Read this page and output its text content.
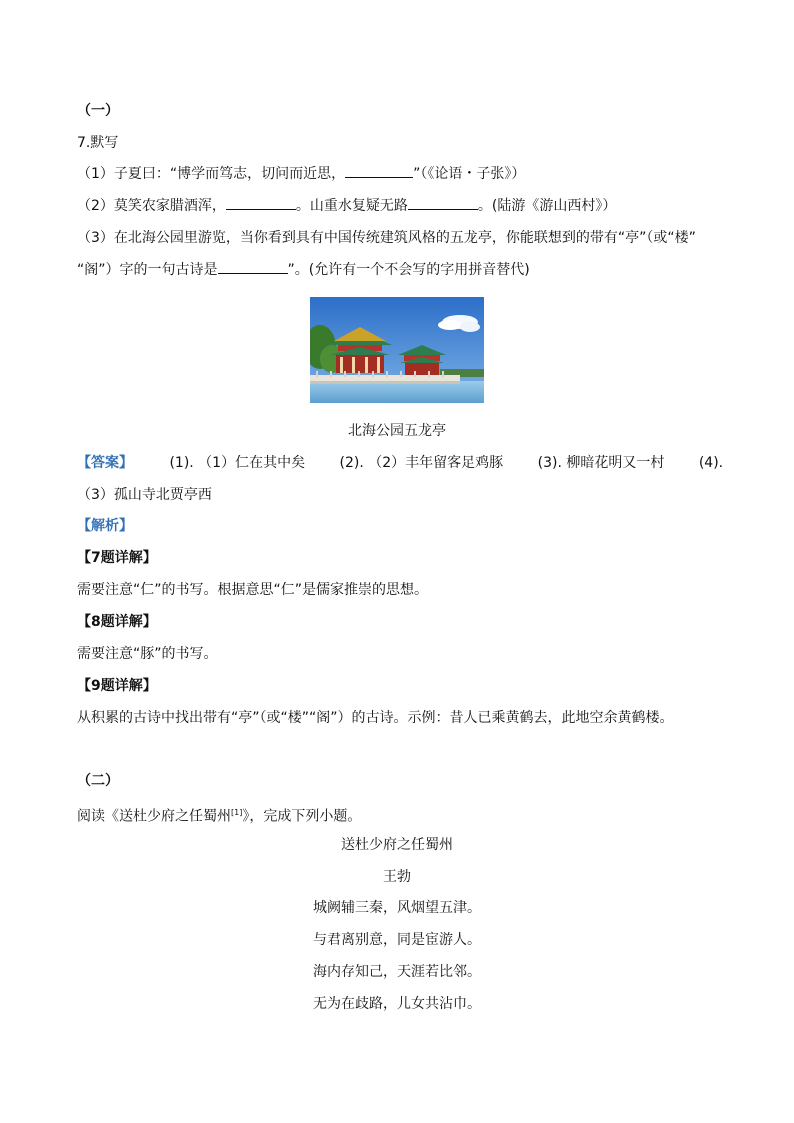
（一）
7.默写
（1）子夏曰：“博学而笃志，切问而近思，	”（《论语・子张》）
（2）莫笑农家腊酒浑，	。山重水复疑无路	。(陆游《游山西村》）
（3）在北海公园里游览，当你看到具有中国传统建筑风格的五龙亭，你能联想到的带有“亭”（或“楼”
“阁”）字的一句古诗是	”。(允许有一个不会写的字用拼音替代)
北海公园五龙亭
【答案】	(1). （1）仁在其中矣 (2). （2）丰年留客足鸡豚 (3). 柳暗花明又一村 (4).
（3）孤山寺北贾亭西
【解析】
【7题详解】
需要注意“仁”的书写。根据意思“仁”是儒家推崇的思想。
【8题详解】
需要注意“豚”的书写。
【9题详解】
从积累的古诗中找出带有“亭”（或“楼”“阁”）的古诗。示例：昔人已乘黄鹤去，此地空余黄鹤楼。
（二）
阅读《送杜少府之任蜀州[1]》，完成下列小题。
送杜少府之任蜀州
王勃
城阙辅三秦，风烟望五津。
与君离别意，同是宦游人。
海内存知己，天涯若比邻。
无为在歧路，儿女共沾巾。
